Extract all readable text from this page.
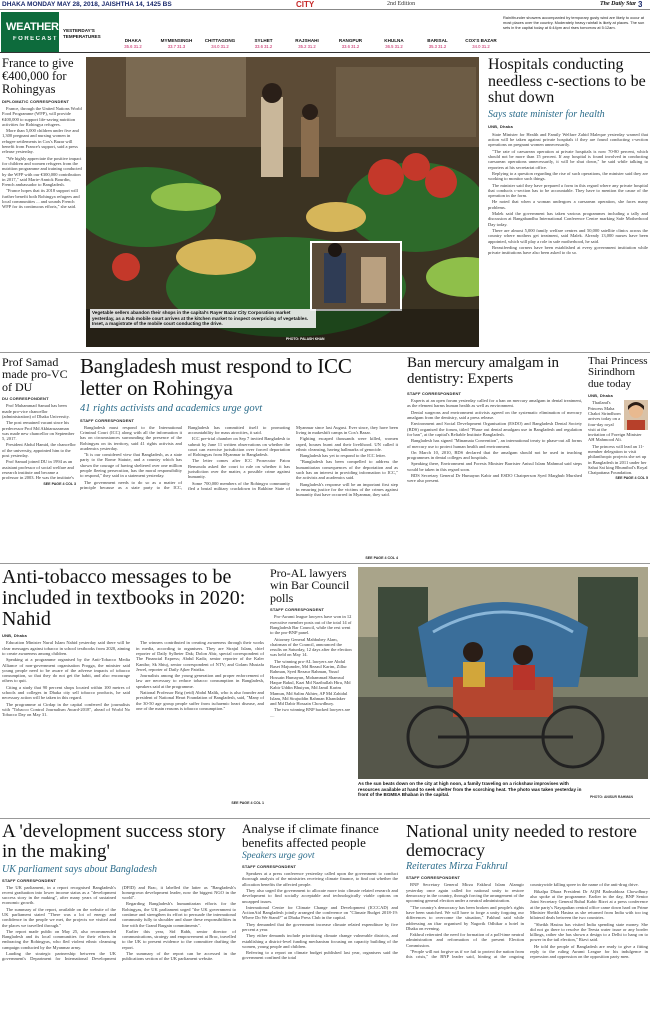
DHAKA MONDAY MAY 28, 2018, JAISHTHA 14, 1425 BS	CITY	2nd Edition	The Daily Star 3
WEATHER
FORECAST
YESTERDAY'S TEMPERATURES
DHAKA
35.6 31.2
MYMENSINGH
33.7 31.3
CHITTAGONG
34.0 31.2
SYLHET
33.6 31.2
RAJSHAHI
35.2 31.2
RANGPUR
33.6 31.2
KHULNA
36.5 31.2
BARISAL
35.3 31.2
COX'S BAZAR
34.0 31.2
Rain/thunder showers accompanied by temporary gusty wind are likely to occur at most places over the country. Moderately heavy rainfall is likely at places. The sun sets in the capital today at 6:44pm and rises tomorrow at 5:12am.
France to give €400,000 for Rohingyas
DIPLOMATIC CORRESPONDENT

France, through the United Nations World Food Programme (WFP), will provide €400,000 to support life-saving nutrition activities for Rohingya refugees.

More than 5,000 children under five and 1,300 pregnant and nursing women in refugee settlements in Cox's Bazar will benefit from France's support, said a press release yesterday.

"We highly appreciate the positive impact for children and women refugees from the nutrition programme and training conducted by the WFP with our €300,000 contribution in 2017," said Marie-Annick Bourdin, French ambassador to Bangladesh.

"France hopes that its 2018 support will further benefit both Rohingya refugees and local communities ... and sounds French WFP for its continuous efforts," she said.

Vegetable sellers abandon their shops in the capital's Rayer Bazar City Corporation market yesterday, as a Rab mobile court arrives at the kitchen market to inspect overpricing of vegetables. Inset, a magistrate of the mobile court conducting the drive.
PHOTO: PALASH KHAN
Hospitals conducting needless c-sections to be shut down
Says state minister for health
UNB, Dhaka

State Minister for Health and Family Welfare Zahid Maleque yesterday warned that action will be taken against private hospitals if they are found conducting c-section operations on pregnant women unnecessarily.

"The rate of caesarean operation at private hospitals is now 70-80 percent, which should not be more than 15 percent. If any hospital is found involved in conducting caesarean operations unnecessarily, it will be shut down," he said while talking to reporters at his secretariat office.

Replying to a question regarding the rise of such operations, the minister said they are working to monitor such things.

The minister said they have prepared a form in this regard where any private hospital that conducts c-section has to be accountable. They have to mention the cause of the operation in the form.

He noted that when a woman undergoes a caesarean operation, she faces many problems.

Malek said the government has taken various programmes including a tally and discussion at Bangabandhu International Conference Centre marking Safe Motherhood Day today.

There are almost 5,000 family welfare centres and 50,000 satellite clinics across the country where mothers get treatment, said Malek. Already 13,000 nurses have been appointed, which will play a role in safe motherhood, he said.

Breastfeeding corners have been established at every government institution while private institutions have also been asked to do so.

Prof Samad made pro-VC of DU
DU CORRESPONDENT

Prof Muhammad Samad has been made pro-vice chancellor (administration) of Dhaka University.

The post remained vacant since his predecessor Prof Md Akhtaruzzaman was made new chancellor on September 5, 2017.

President Abdul Hamid, the chancellor of the university, appointed him to the post yesterday.

Prof Samad joined DU in 1994 as an assistant professor of social welfare and research institute and became a professor in 2003. He was the institute's

SEE PAGE 4 COL 3
Bangladesh must respond to ICC letter on Rohingya
41 rights activists and academics urge govt
STAFF CORRESPONDENT

Bangladesh must respond to the International Criminal Court (ICC) along with all the information it has on circumstances surrounding the presence of the Rohingyas on its territory, said 41 rights activists and academics yesterday.

"It is our considered view that Bangladesh, as a state party to the Rome Statute, and a country which has shown the courage of having sheltered over one million people fleeing persecution, has the moral responsibility to respond," they said in a statement yesterday.

The government needs to do so as a matter of principle because as a state party to the ICC, Bangladesh has committed itself to promoting accountability for mass atrocities, it said.

ICC pre-trial chamber on Sep 7 invited Bangladesh to submit by June 11 written observations on whether the court can exercise jurisdiction over forced deportation of Rohingyas from Myanmar to Bangladesh.

The letter comes after ICC Prosecutor Fatou Bensouda asked the court to rule on whether it has jurisdiction over the matter, a possible crime against humanity.

Some 700,000 members of the Rohingya community fled a brutal military crackdown in Rakhine State of Myanmar since last August. Ever since, they have been living in makeshift camps in Cox's Bazar.

Fighting escaped thousands were killed, women raped, houses burnt and their livelihood. UN called it ethnic cleansing, having hallmarks of genocide.

Bangladesh has yet to respond to the ICC letter.

"Bangladesh has been compelled to address the humanitarian consequences of the deportation and as such has an interest in providing information to ICC," the activists and academics said.

Bangladesh's response will be an important first step in ensuring justice for the victims of the crimes against humanity that have occurred in Myanmar, they said.

SEE PAGE 4 COL 4
Ban mercury amalgam in dentistry: Experts
STAFF CORRESPONDENT

Experts at an open forum yesterday called for a ban on mercury amalgam in dental treatment, as the element harms human health as well as environment.

Dental surgeons and environment activists agreed on the systematic elimination of mercury amalgam from the dentistry, said a press release.

Environment and Social Development Organisation (ESDO) and Bangladesh Dental Society (BDS) organised the forum, titled "Phase out dental amalgam use in Bangladesh and regulation for ban", at the capital's Reliable Institute Bangladesh.

Bangladesh has signed "Minamata Convention", an international treaty to phase-out all forms of mercury use to protect human health and environment.

On March 10, 2010, BDS declared that the amalgam should not be used in teaching programmes in dental colleges and hospitals.

Speaking there, Environment and Forests Minister Barrister Anisul Islam Mahmud said steps would be taken in this regard soon.

BDS Secretary General Dr Humayun Kabir and ESDO Chairperson Syed Marghub Murshed were also present.

Thai Princess Sirindhorn due today
UNB, Dhaka

Thailand's Princess Maha Chakri Sirindhorn arrives today on a four-day royal visit at the invitation of Foreign Minister AH Mahmood Ali.

The princess will lead an 11-member delegation to visit philanthropic projects she set up in Bangladesh in 2011 under her Sahai Sai king Bhumibol's Royal Chaipattana Foundation.

SEE PAGE 4 COL 5
Anti-tobacco messages to be included in textbooks in 2020: Nahid
UNB, Dhaka

Education Minister Nurul Islam Nahid yesterday said there will be clear messages against tobacco in school textbooks from 2020, aiming to create awareness among children.

Speaking at a programme organised by the Anti-Tobacco Media Alliance of non-government organisation Progga, the minister said young people need to be aware of the adverse impacts of tobacco consumption, so that they do not get the habit, and also encourage others to quit.

Citing a study that 90 percent shops located within 100 metres of schools and colleges in Dhaka city sell tobacco products, he said necessary action will be taken in this regard.

The programme at Cirdap in the capital conferred the journalists with "Tobacco Control Journalism Award-2018", ahead of World No Tobacco Day on May 31.

The winners contributed in creating awareness through their works in media, according to organisers. They are Sirajul Islam, chief reporter of Daily Sylheter Dak; Dolon Abir, special correspondent of The Financial Express; Abdul Kadir, senior reporter of the Kaler Kantho; Sk Shiuj, senior correspondent of NTV; and Golam Mustafa Jewel, reporter of Daily Ajker Patrika.

Journalists among the young generation and proper enforcement of law are necessary to reduce tobacco consumption in Bangladesh, speakers said at the programme.

National Professor Brig (retd) Abdul Malik, who is also founder and president of National Heart Foundation of Bangladesh, said, "Many of the 30-50 age group people suffer from ischaemic heart disease, and one of the main reasons is tobacco consumption."

SEE PAGE 4 COL 1
Pro-AL lawyers win Bar Council polls
STAFF CORRESPONDENT

Pro-Awami league lawyers have won in 12 executive member posts out of the total 14 of Bangladesh Bar Council, while the rest went to the pro-BNP panel.

Attorney General Mahbubey Alam, chairman of the Council, announced the results on Saturday, 12 days after the election was held on May 14.

The winning pro-AL lawyers are Abdul Baset Majumder, Md Rezaul Karim, Zillur Rahman, Syed Rezaur Rahman, Yusuf Hossain Humayun, Mohammad Shamsul Haque Bakul, Kazi Md Nazibullah Hiru, Md Kabir Uddin Bhuiyan, Md Jamil Karim Mamun, Md Salim Akhter, AP Md Zahidul Islam, Md Sirajuddin Rahman Khandaker and Md Dabir Hossain Chowdhury.

The two winning BNP backed lawyers are ....

As the sun beats down on the city at high noon, a family traveling on a rickshaw improvises with resources available at hand to seek shelter from the scorching heat. The photo was taken yesterday in front of the BGMEA Bhaban in the capital.	PHOTO: ANISUR RAHMAN
A 'development success story in the making'
UK parliament says about Bangladesh
STAFF CORRESPONDENT

The UK parliament, in a report recognised Bangladesh's recent graduation into lower income status as a "development success story in the making", after many years of sustained economic growth.

The summary of the report, available on the website of the UK parliament stated "There was a lot of energy and confidence in the people we met, the projects we visited and the places we travelled through."

The report made public on May 25, also recommended Bangladesh and its local communities for their efforts in embracing the Rohingyas, who fled violent ethnic cleansing campaign conducted by the Myanmar army.

Lauding the strategic partnership between the UK government's Department for International Development (DFID) and Brac, it labelled the latter as "Bangladesh's homegrown development leader, now the biggest NGO in the world".

Regarding Bangladesh's humanitarian efforts for the Rohingyas, the UK parliament urged "the UK government to continue and strengthen its effort to persuade the international community fully to shoulder and share these responsibilities in line with the Grand Bargain commitments".

Earlier this year, Sid Rabb, senior director of communications, strategy and empowerment at Brac, travelled to the UK to present evidence to the committee drafting the report.

The summary of the report can be accessed in the publications section of the UK parliament website.

Analyse if climate finance benefits affected people
Speakers urge govt
STAFF CORRESPONDENT

Speakers at a press conference yesterday called upon the government to conduct thorough analysis of the ministries receiving climate finance, to find out whether the allocation benefits the affected people.

They also urged the government to allocate more into climate related research and development to find socially acceptable and technologically viable options on uncapped issues.

International Centre for Climate Change and Development (ICCCAD) and ActionAid Bangladesh jointly arranged the conference on "Climate Budget 2018-19: Where Do We Stand?" at Dhaka Press Club in the capital.

They demanded that the government increase climate related expenditure by five percent a year.

They either demands include prioritising climate change vulnerable districts, and establishing a district-level funding mechanism focusing on capacity building of the women, young people and children.

Referring to a report on climate budget published last year, organisers said the government confined the total

National unity needed to restore democracy
Reiterates Mirza Fakhrul
STAFF CORRESPONDENT

BNP Secretary General Mirza Fakhrul Islam Alamgir yesterday once again called for national unity to restore democracy in the country, through forcing the arrangement of the upcoming general election under a neutral administration.

"The country's democracy has been broken and people's rights have been snatched. We will have to forge a unity forgoing our differences to overcome the situation," Fakhrul said while addressing an iftar organised by Nagorik Odhikar a hotel in Dhaka on evening.

Fakhrul reiterated the need for formation of a poll-time neutral administration and reformation of the present Election Commission.

"People will not forgive us if we fail to protect the nation from this crisis," the BNP leader said, hinting at the ongoing countrywide killing spree in the name of the anti-drug drive.

Bikalpa Dhara President Dr AQM Badruddoza Chowdhury also spoke at the programme. Earlier in the day, BNP Senior Joint Secretary General Ruhul Kabir Rizvi at a press conference at the party's Nayapaltan central office came down hard on Prime Minister Sheikh Hasina as she returned from India with too ing bilateral deals between the two countries.

"Sheikh Hasina has visited India spending state money. She did not go there to resolve the Teesta water issue or any border killings, rather she has shown a design to a Delhi to hang on to power in the tail election," Rizvi said.

He told the people of Bangladesh are ready to give a fitting reply to the ruling Awami League for his indulgence in repression and oppression on the opposition party men.
